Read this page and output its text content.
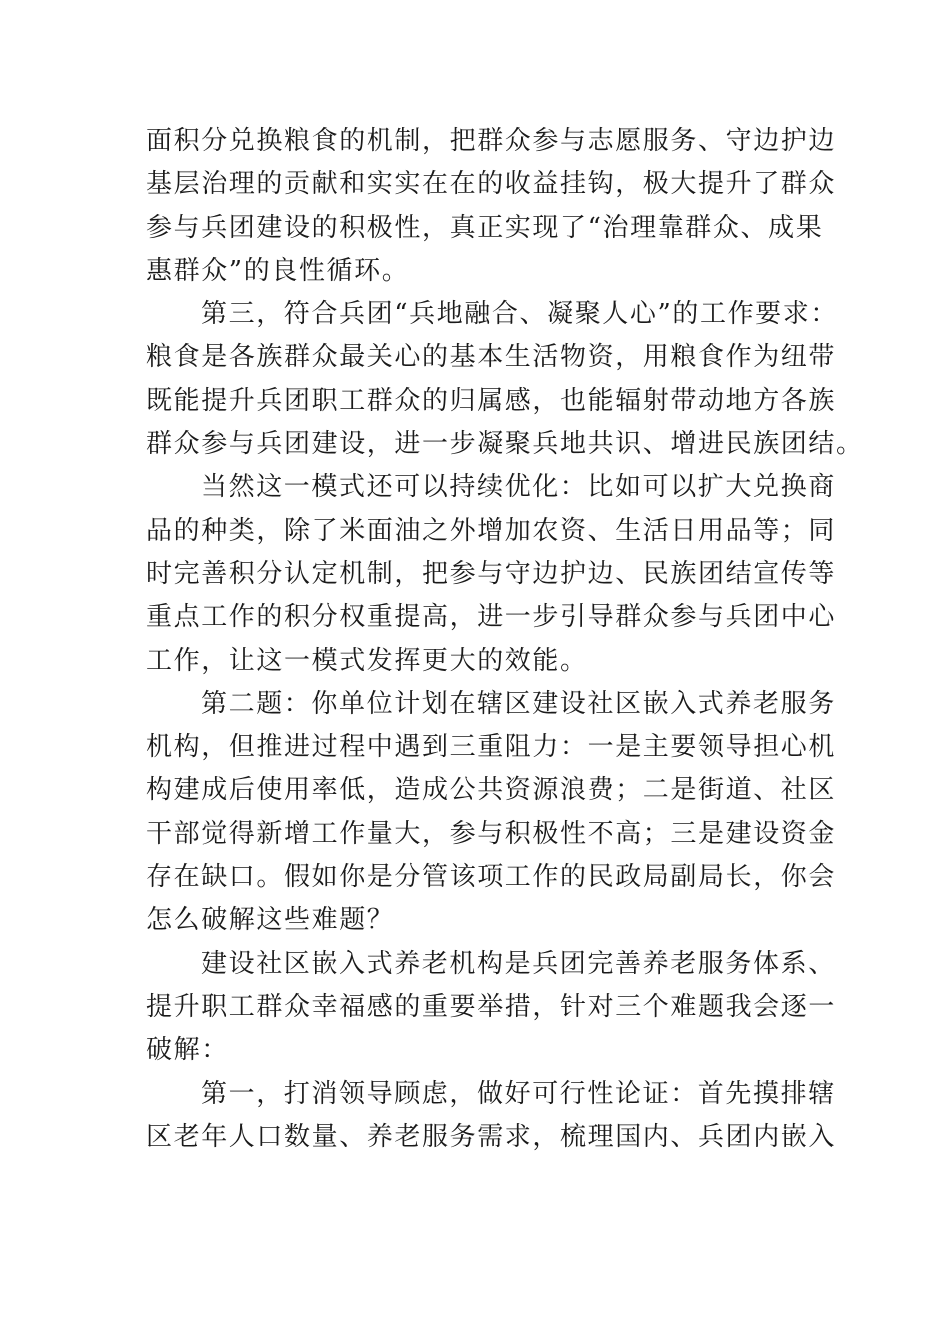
面积分兑换粮食的机制，把群众参与志愿服务、守边护边
基层治理的贡献和实实在在的收益挂钩，极大提升了群众
参与兵团建设的积极性，真正实现了“治理靠群众、成果
惠群众”的良性循环。

第三，符合兵团“兵地融合、凝聚人心”的工作要求：
粮食是各族群众最关心的基本生活物资，用粮食作为纽带
既能提升兵团职工群众的归属感，也能辐射带动地方各族
群众参与兵团建设，进一步凝聚兵地共识、增进民族团结。

当然这一模式还可以持续优化：比如可以扩大兑换商
品的种类，除了米面油之外增加农资、生活日用品等；同
时完善积分认定机制，把参与守边护边、民族团结宣传等
重点工作的积分权重提高，进一步引导群众参与兵团中心
工作，让这一模式发挥更大的效能。

第二题：你单位计划在辖区建设社区嵌入式养老服务
机构，但推进过程中遇到三重阻力：一是主要领导担心机
构建成后使用率低，造成公共资源浪费；二是街道、社区
干部觉得新增工作量大，参与积极性不高；三是建设资金
存在缺口。假如你是分管该项工作的民政局副局长，你会
怎么破解这些难题？

建设社区嵌入式养老机构是兵团完善养老服务体系、
提升职工群众幸福感的重要举措，针对三个难题我会逐一
破解：

第一，打消领导顾虑，做好可行性论证：首先摸排辖
区老年人口数量、养老服务需求，梳理国内、兵团内嵌入
